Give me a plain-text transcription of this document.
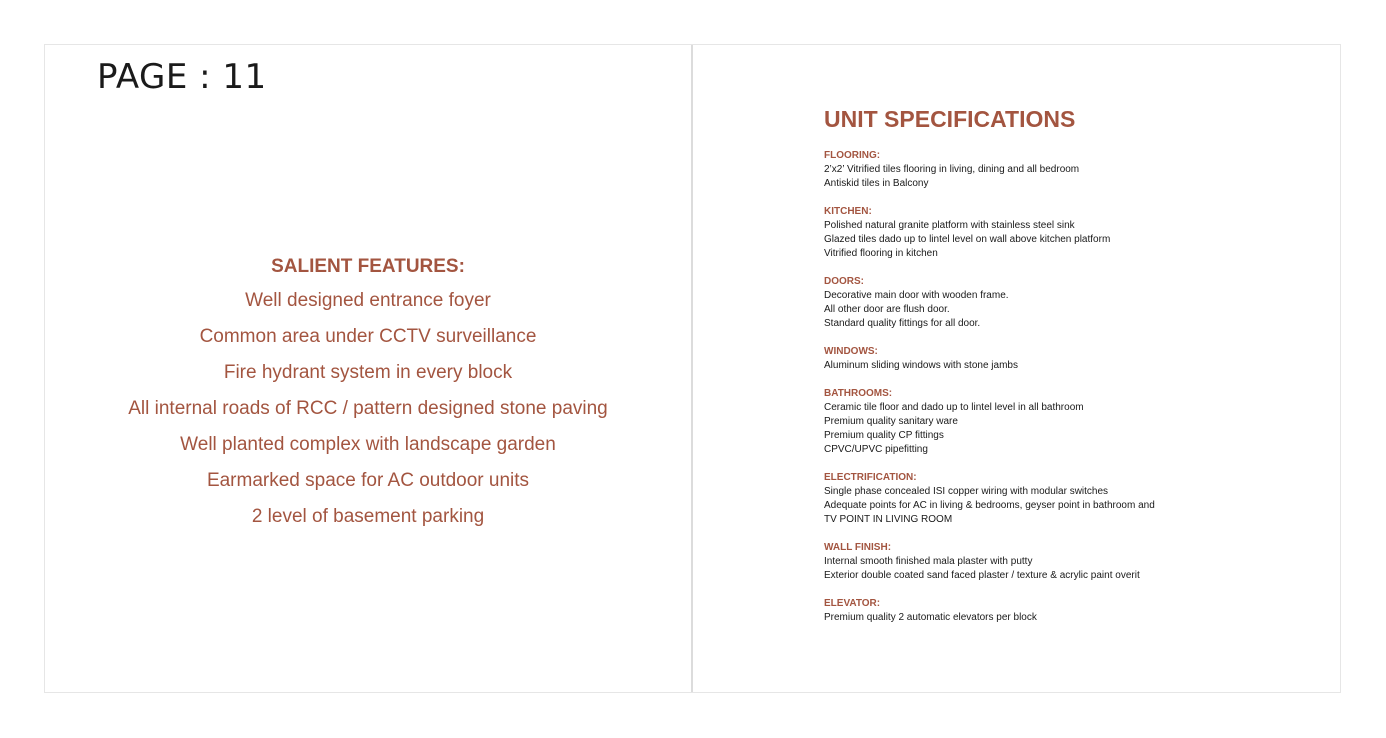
PAGE : 11
SALIENT FEATURES:
Well designed entrance foyer
Common area under CCTV surveillance
Fire hydrant system in every block
All internal roads of RCC / pattern designed stone paving
Well planted complex with landscape garden
Earmarked space for AC outdoor units
2 level of basement parking
UNIT SPECIFICATIONS
FLOORING:
2’x2’ Vitrified tiles flooring in living, dining and all bedroom
Antiskid tiles in Balcony
KITCHEN:
Polished natural granite platform with stainless steel sink
Glazed tiles dado up to lintel level on wall above kitchen platform
Vitrified flooring in kitchen
DOORS:
Decorative main door with wooden frame.
All other door are flush door.
Standard quality fittings for all door.
WINDOWS:
Aluminum sliding windows with stone jambs
BATHROOMS:
Ceramic tile floor and dado up to lintel level in all bathroom
Premium quality sanitary ware
Premium quality CP fittings
CPVC/UPVC pipefitting
ELECTRIFICATION:
Single phase concealed ISI copper wiring with modular switches
Adequate points for AC in living & bedrooms, geyser point in bathroom and
TV POINT IN LIVING ROOM
WALL FINISH:
Internal smooth finished mala plaster with putty
Exterior double coated sand faced plaster / texture & acrylic paint overit
ELEVATOR:
Premium quality 2 automatic elevators per block
